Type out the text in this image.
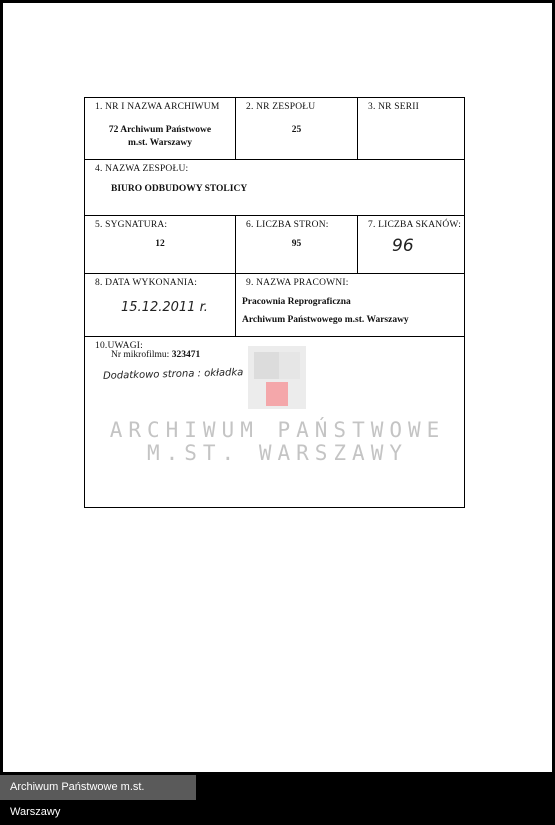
1. NR I NAZWA ARCHIWUM
72 Archiwum Państwowe
m.st. Warszawy
2. NR ZESPOŁU
25
3. NR SERII
4. NAZWA ZESPOŁU:
BIURO ODBUDOWY STOLICY
5. SYGNATURA:
12
6. LICZBA STRON:
95
7. LICZBA SKANÓW:
96
8. DATA WYKONANIA:
15.12.2011 r.
9. NAZWA PRACOWNI:
Pracownia Reprograficzna
Archiwum Państwowego m.st. Warszawy
10.UWAGI:
Nr mikrofilmu: 323471
Dodatkowo strona : okładka
ARCHIWUM PAŃSTWOWE
M.ST. WARSZAWY
Archiwum Państwowe m.st. Warszawy
